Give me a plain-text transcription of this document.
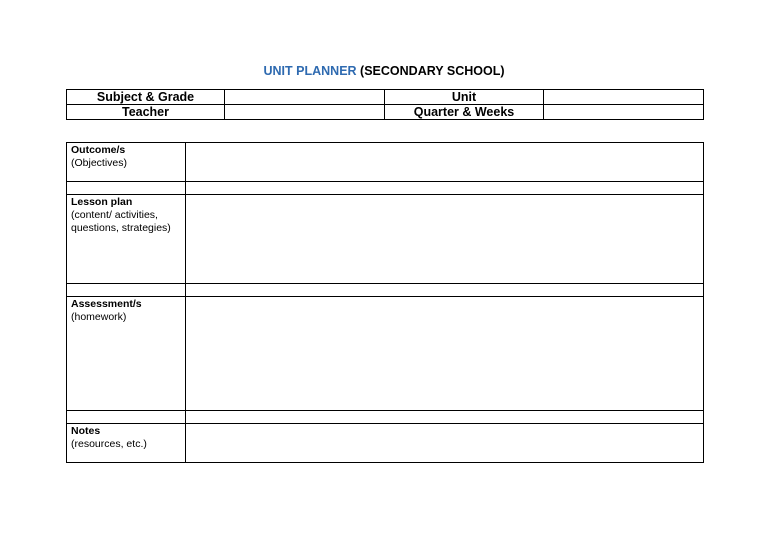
UNIT PLANNER (SECONDARY SCHOOL)
Subject & Grade		Unit	
Teacher		Quarter & Weeks	
Outcome/s
(Objectives)	

Lesson plan
(content/ activities, questions, strategies)	

Assessment/s
(homework)	

Notes
(resources, etc.)	
